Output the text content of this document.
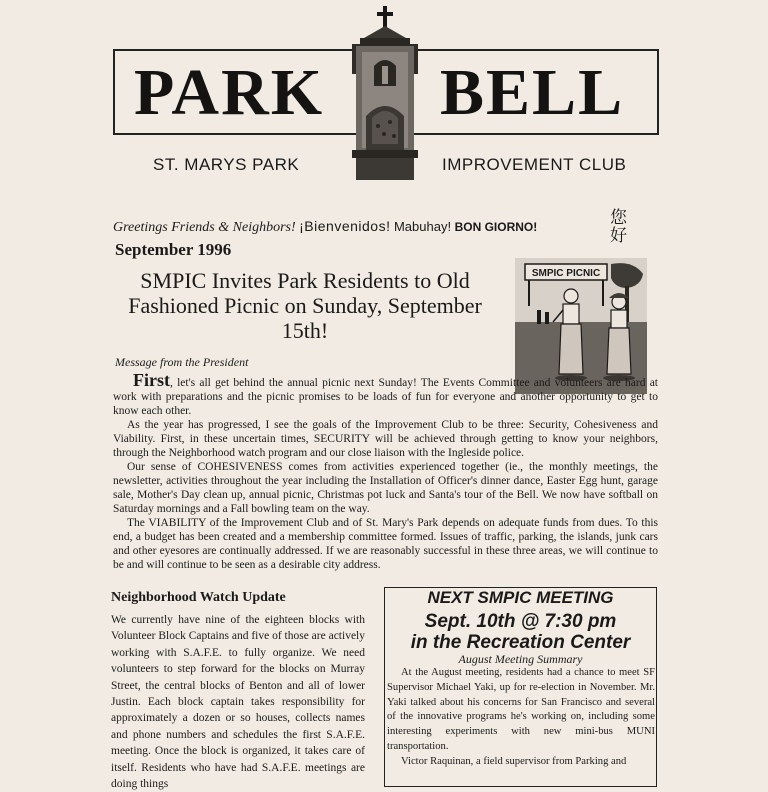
PARK BELL
ST. MARYS PARK	IMPROVEMENT CLUB
Greetings Friends & Neighbors! ¡Bienvenidos! Mabuhay! BON GIORNO!	您好
September 1996
SMPIC Invites Park Residents to Old Fashioned Picnic on Sunday, September 15th!
SMPIC PICNIC
Message from the President

First, let's all get behind the annual picnic next Sunday! The Events Committee and volunteers are hard at work with preparations and the picnic promises to be loads of fun for everyone and another opportunity to get to know each other.

As the year has progressed, I see the goals of the Improvement Club to be three: Security, Cohesiveness and Viability. First, in these uncertain times, SECURITY will be achieved through getting to know your neighbors, through the Neighborhood watch program and our close liaison with the Ingleside police.

Our sense of COHESIVENESS comes from activities experienced together (ie., the monthly meetings, the newsletter, activities throughout the year including the Installation of Officer's dinner dance, Easter Egg hunt, garage sale, Mother's Day clean up, annual picnic, Christmas pot luck and Santa's tour of the Bell. We now have softball on Saturday mornings and a Fall bowling team on the way.

The VIABILITY of the Improvement Club and of St. Mary's Park depends on adequate funds from dues. To this end, a budget has been created and a membership committee formed. Issues of traffic, parking, the islands, junk cars and other eyesores are continually addressed. If we are reasonably successful in these three areas, we will continue to be and will continue to be seen as a desirable city address.

Neighborhood Watch Update
We currently have nine of the eighteen blocks with Volunteer Block Captains and five of those are actively working with S.A.F.E. to fully organize. We need volunteers to step forward for the blocks on Murray Street, the central blocks of Benton and all of lower Justin. Each block captain takes responsibility for approximately a dozen or so houses, collects names and phone numbers and schedules the first S.A.F.E. meeting. Once the block is organized, it takes care of itself. Residents who have had S.A.F.E. meetings are doing things
NEXT SMPIC MEETING
Sept. 10th @ 7:30 pm
in the Recreation Center
August Meeting Summary

At the August meeting, residents had a chance to meet SF Supervisor Michael Yaki, up for re-election in November. Mr. Yaki talked about his concerns for San Francisco and several of the innovative programs he's working on, including some interesting experiments with new mini-bus MUNI transportation.

Victor Raquinan, a field supervisor from Parking and
